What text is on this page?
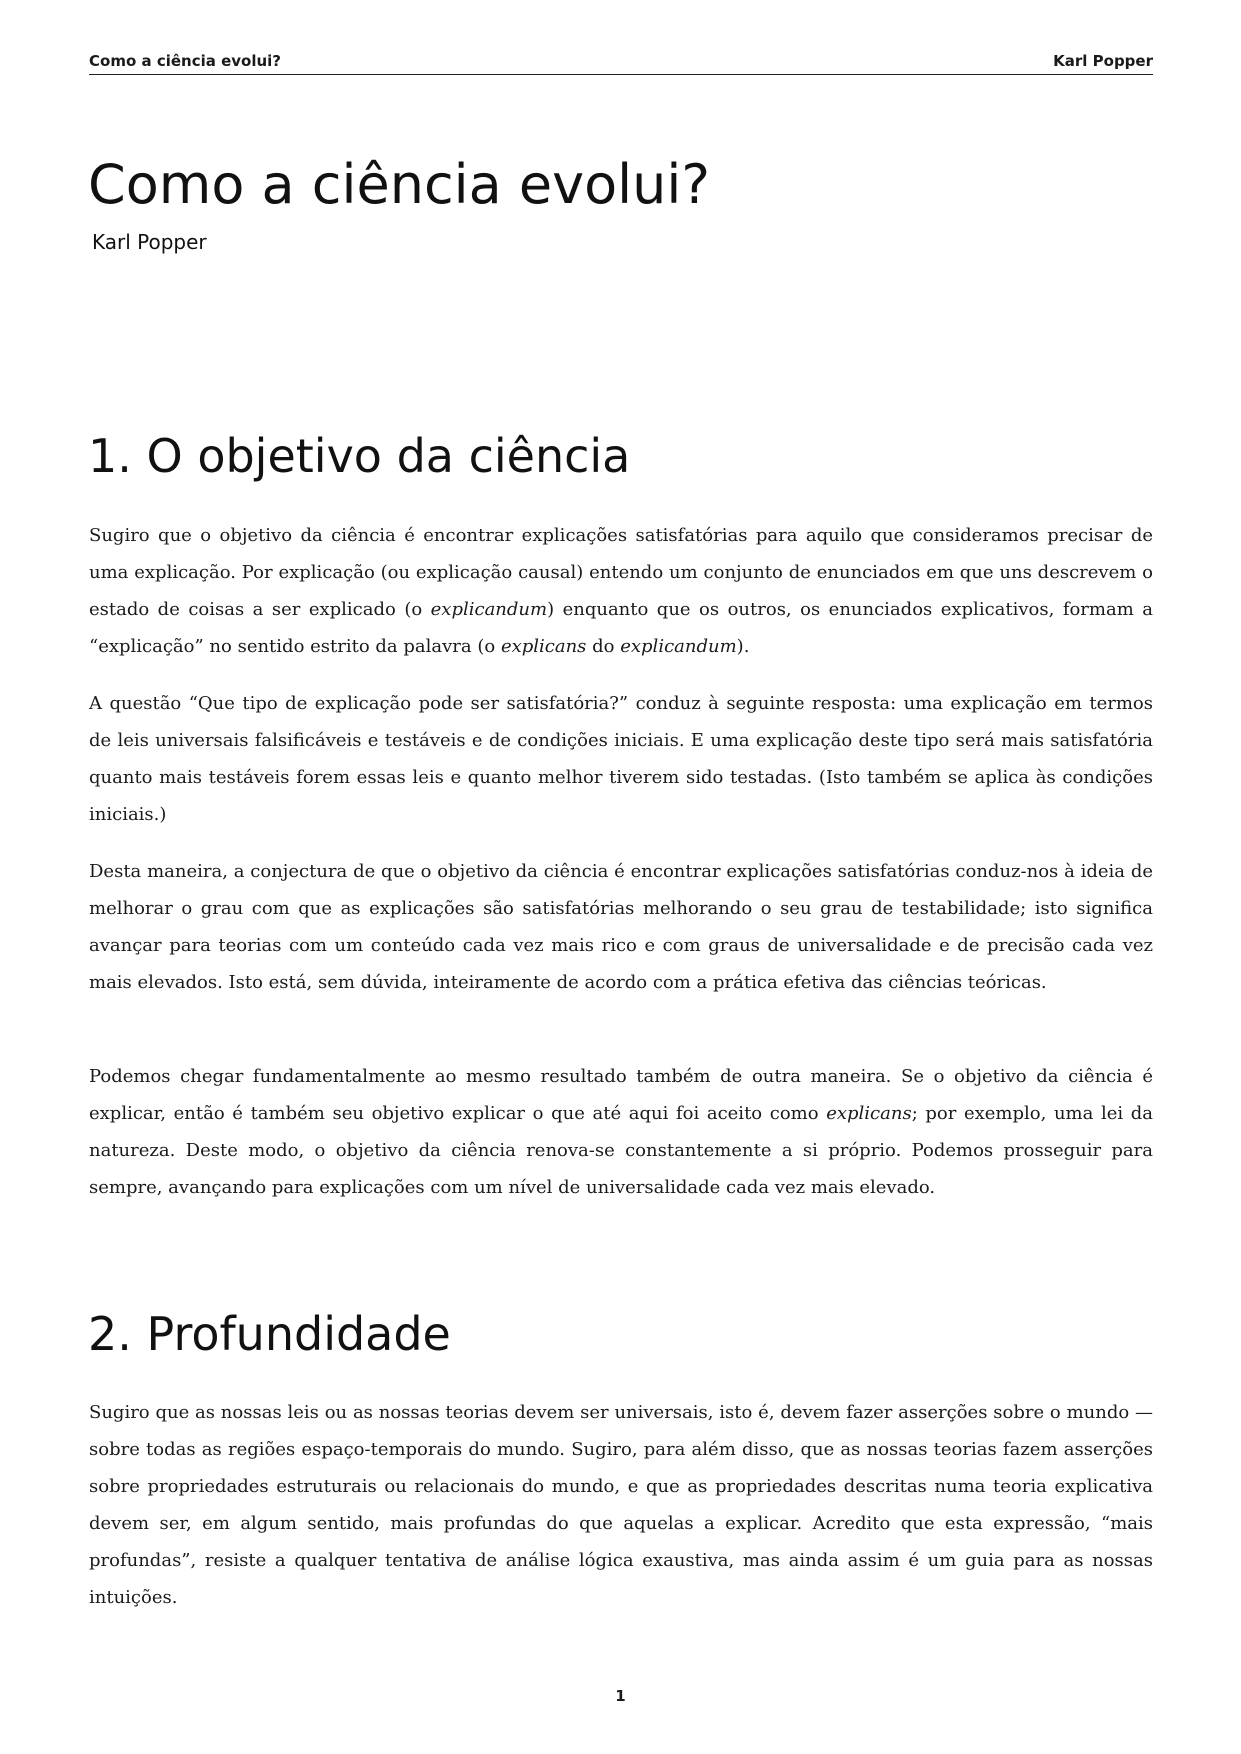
Como a ciência evolui?	Karl Popper
Como a ciência evolui?
Karl Popper
1. O objetivo da ciência

Sugiro que o objetivo da ciência é encontrar explicações satisfatórias para aquilo que consideramos precisar de uma explicação. Por explicação (ou explicação causal) entendo um conjunto de enunciados em que uns descrevem o estado de coisas a ser explicado (o explicandum) enquanto que os outros, os enunciados explicativos, formam a “explicação” no sentido estrito da palavra (o explicans do explicandum).

A questão “Que tipo de explicação pode ser satisfatória?” conduz à seguinte resposta: uma explicação em termos de leis universais falsificáveis e testáveis e de condições iniciais. E uma explicação deste tipo será mais satisfatória quanto mais testáveis forem essas leis e quanto melhor tiverem sido testadas. (Isto também se aplica às condições iniciais.)

Desta maneira, a conjectura de que o objetivo da ciência é encontrar explicações satisfatórias conduz-nos à ideia de melhorar o grau com que as explicações são satisfatórias melhorando o seu grau de testabilidade; isto significa avançar para teorias com um conteúdo cada vez mais rico e com graus de universalidade e de precisão cada vez mais elevados. Isto está, sem dúvida, inteiramente de acordo com a prática efetiva das ciências teóricas.

Podemos chegar fundamentalmente ao mesmo resultado também de outra maneira. Se o objetivo da ciência é explicar, então é também seu objetivo explicar o que até aqui foi aceito como explicans; por exemplo, uma lei da natureza. Deste modo, o objetivo da ciência renova-se constantemente a si próprio. Podemos prosseguir para sempre, avançando para explicações com um nível de universalidade cada vez mais elevado.

2. Profundidade

Sugiro que as nossas leis ou as nossas teorias devem ser universais, isto é, devem fazer asserções sobre o mundo — sobre todas as regiões espaço-temporais do mundo. Sugiro, para além disso, que as nossas teorias fazem asserções sobre propriedades estruturais ou relacionais do mundo, e que as propriedades descritas numa teoria explicativa devem ser, em algum sentido, mais profundas do que aquelas a explicar. Acredito que esta expressão, “mais profundas”, resiste a qualquer tentativa de análise lógica exaustiva, mas ainda assim é um guia para as nossas intuições.

1
